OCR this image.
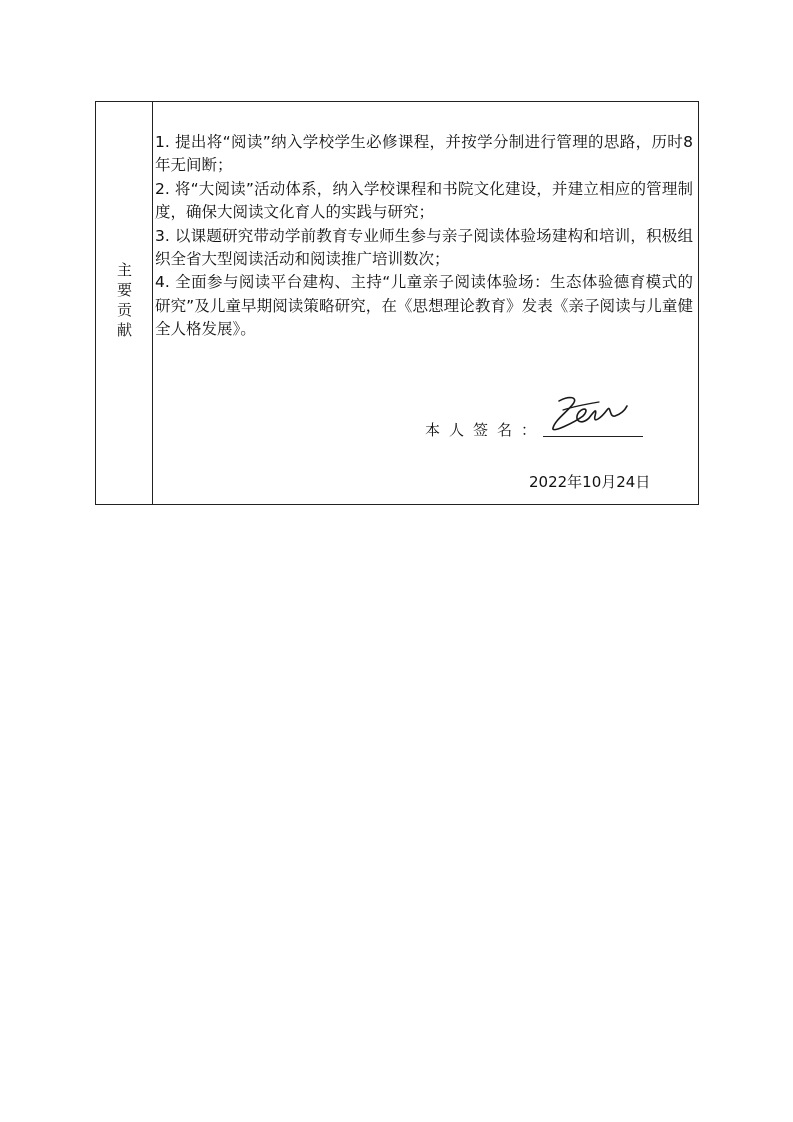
主
要
贡
献
1. 提出将“阅读”纳入学校学生必修课程，并按学分制进行管理的思路，历时8年无间断；
2. 将“大阅读”活动体系，纳入学校课程和书院文化建设，并建立相应的管理制度，确保大阅读文化育人的实践与研究；
3. 以课题研究带动学前教育专业师生参与亲子阅读体验场建构和培训，积极组织全省大型阅读活动和阅读推广培训数次；
4. 全面参与阅读平台建构、主持“儿童亲子阅读体验场：生态体验德育模式的研究”及儿童早期阅读策略研究，在《思想理论教育》发表《亲子阅读与儿童健全人格发展》。
本人签名：
2022年10月24日
